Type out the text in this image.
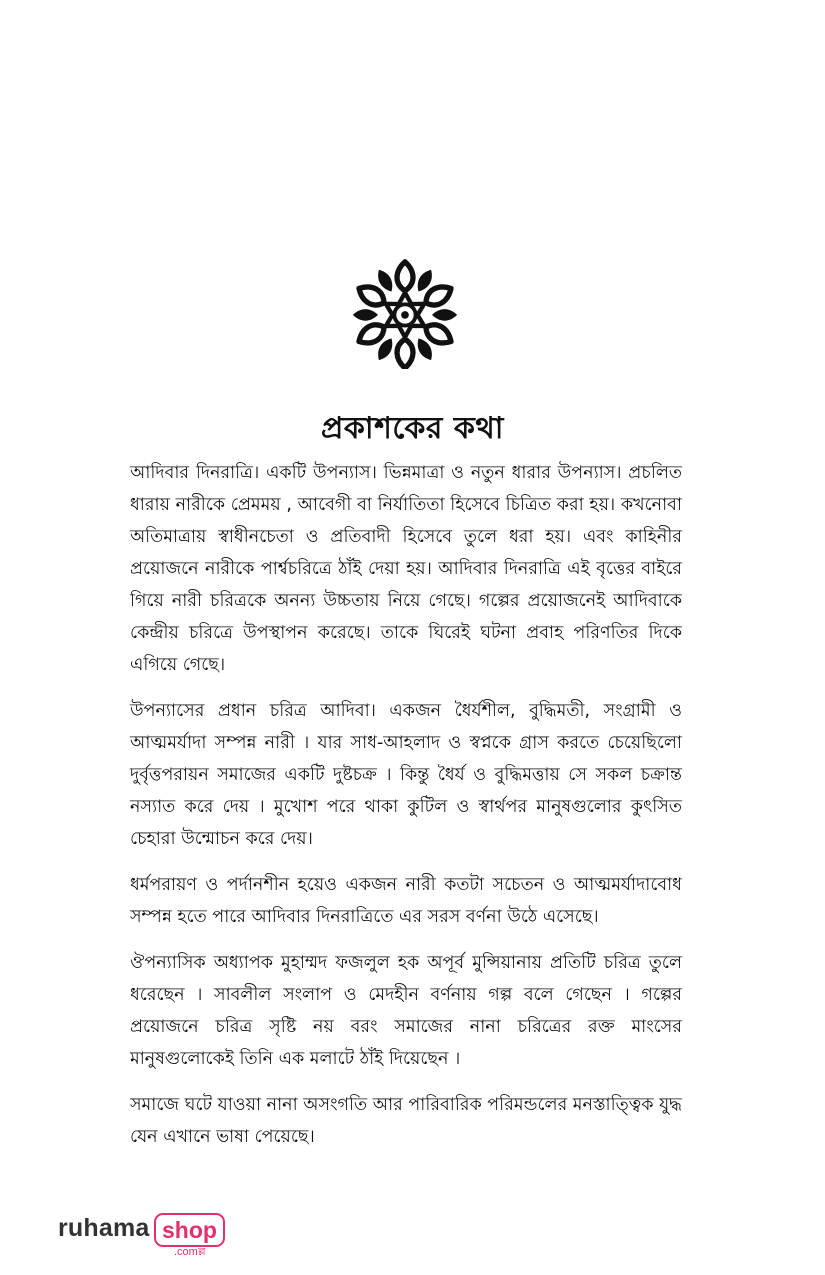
প্রকাশকের কথা

আদিবার দিনরাত্রি। একটি উপন্যাস। ভিন্নমাত্রা ও নতুন ধারার উপন্যাস। প্রচলিত ধারায় নারীকে প্রেমময় , আবেগী বা নির্যাতিতা হিসেবে চিত্রিত করা হয়। কখনোবা অতিমাত্রায় স্বাধীনচেতা ও প্রতিবাদী হিসেবে তুলে ধরা হয়। এবং কাহিনীর প্রয়োজনে নারীকে পার্শ্বচরিত্রে ঠাঁই দেয়া হয়। আদিবার দিনরাত্রি এই বৃত্তের বাইরে গিয়ে নারী চরিত্রকে অনন্য উচ্চতায় নিয়ে গেছে। গল্পের প্রয়োজনেই আদিবাকে কেন্দ্রীয় চরিত্রে উপস্থাপন করেছে। তাকে ঘিরেই ঘটনা প্রবাহ পরিণতির দিকে এগিয়ে গেছে।

উপন্যাসের প্রধান চরিত্র আদিবা। একজন ধৈর্যশীল, বুদ্ধিমতী, সংগ্রামী ও আত্মমর্যাদা সম্পন্ন নারী । যার সাধ-আহলাদ ও স্বপ্নকে গ্রাস করতে চেয়েছিলো দুর্বৃত্তপরায়ন সমাজের একটি দুষ্টচক্র । কিন্তু ধৈর্য ও বুদ্ধিমত্তায় সে সকল চক্রান্ত নস্যাত করে দেয় । মুখোশ পরে থাকা কুটিল ও স্বার্থপর মানুষগুলোর কুৎসিত চেহারা উন্মোচন করে দেয়।

ধর্মপরায়ণ ও পর্দানশীন হয়েও একজন নারী কতটা সচেতন ও আত্মমর্যাদাবোধ সম্পন্ন হতে পারে আদিবার দিনরাত্রিতে এর সরস বর্ণনা উঠে এসেছে।

ঔপন্যাসিক অধ্যাপক মুহাম্মদ ফজলুল হক অপূর্ব মুন্সিয়ানায় প্রতিটি চরিত্র তুলে ধরেছেন । সাবলীল সংলাপ ও মেদহীন বর্ণনায় গল্প বলে গেছেন । গল্পের প্রয়োজনে চরিত্র সৃষ্টি নয় বরং সমাজের নানা চরিত্রের রক্ত মাংসের মানুষগুলোকেই তিনি এক মলাটে ঠাঁই দিয়েছেন ।

সমাজে ঘটে যাওয়া নানা অসংগতি আর পারিবারিক পরিমন্ডলের মনস্তাত্ত্বিক যুদ্ধ যেন এখানে ভাষা পেয়েছে।

ruhama shop
.comল্ল
